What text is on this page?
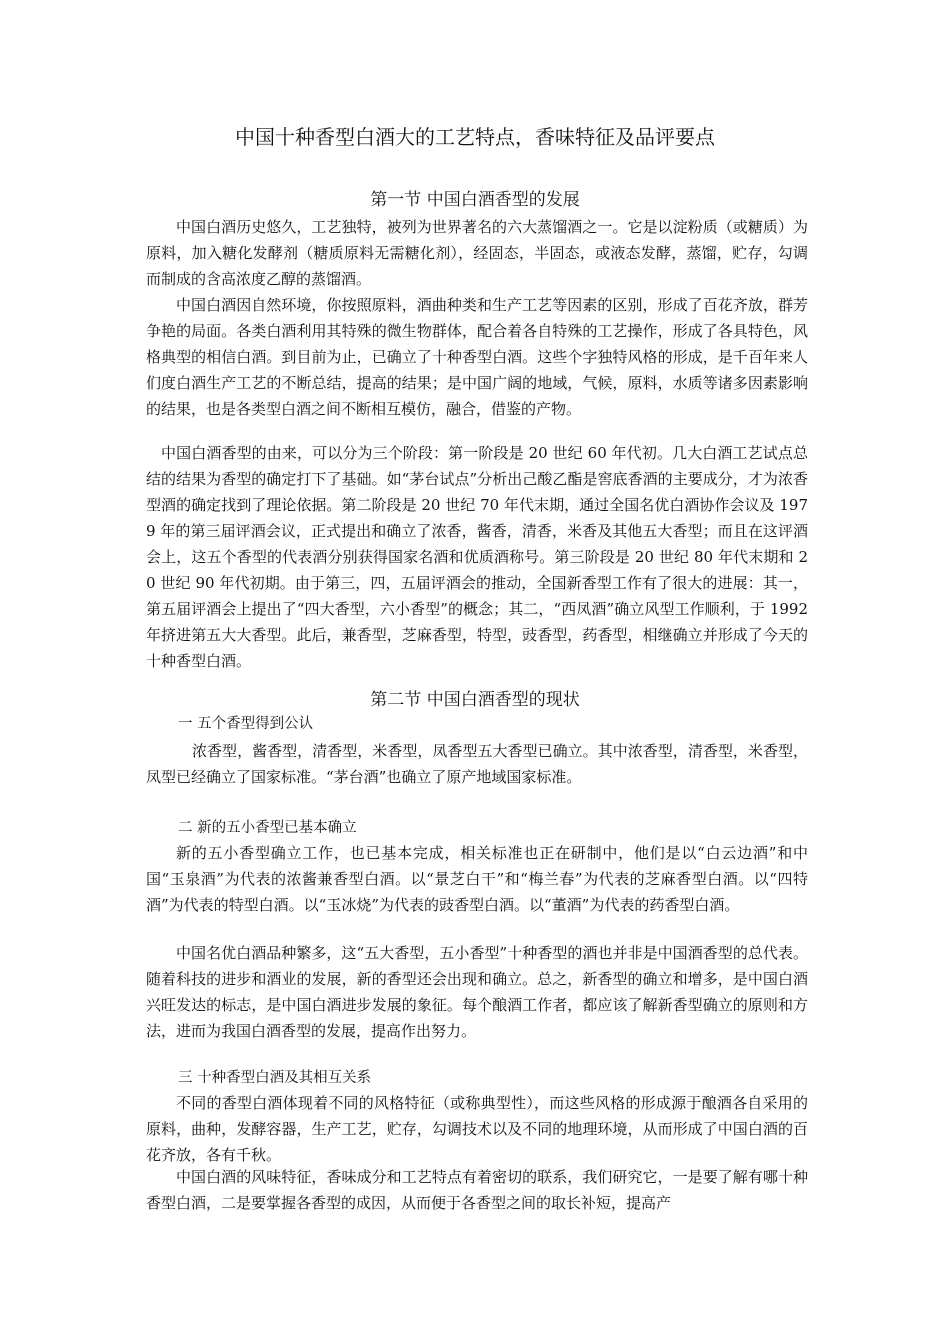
中国十种香型白酒大的工艺特点，香味特征及品评要点
第一节 中国白酒香型的发展

中国白酒历史悠久，工艺独特，被列为世界著名的六大蒸馏酒之一。它是以淀粉质（或糖质）为原料，加入糖化发酵剂（糖质原料无需糖化剂），经固态，半固态，或液态发酵，蒸馏，贮存，勾调而制成的含高浓度乙醇的蒸馏酒。

中国白酒因自然环境，你按照原料，酒曲种类和生产工艺等因素的区别，形成了百花齐放，群芳争艳的局面。各类白酒利用其特殊的微生物群体，配合着各自特殊的工艺操作，形成了各具特色，风格典型的相信白酒。到目前为止，已确立了十种香型白酒。这些个字独特风格的形成，是千百年来人们度白酒生产工艺的不断总结，提高的结果；是中国广阔的地域，气候，原料，水质等诸多因素影响的结果，也是各类型白酒之间不断相互模仿，融合，借鉴的产物。

中国白酒香型的由来，可以分为三个阶段：第一阶段是 20 世纪 60 年代初。几大白酒工艺试点总结的结果为香型的确定打下了基础。如“茅台试点”分析出己酸乙酯是窖底香酒的主要成分，才为浓香型酒的确定找到了理论依据。第二阶段是 20 世纪 70 年代末期，通过全国名优白酒协作会议及 1979 年的第三届评酒会议，正式提出和确立了浓香，酱香，清香，米香及其他五大香型；而且在这评酒会上，这五个香型的代表酒分别获得国家名酒和优质酒称号。第三阶段是 20 世纪 80 年代末期和 20 世纪 90 年代初期。由于第三，四，五届评酒会的推动，全国新香型工作有了很大的进展：其一，第五届评酒会上提出了“四大香型，六小香型”的概念；其二，“西凤酒”确立风型工作顺利，于 1992 年挤进第五大大香型。此后，兼香型，芝麻香型，特型，豉香型，药香型，相继确立并形成了今天的十种香型白酒。

第二节 中国白酒香型的现状
一 五个香型得到公认

浓香型，酱香型，清香型，米香型，凤香型五大香型已确立。其中浓香型，清香型，米香型，凤型已经确立了国家标准。“茅台酒”也确立了原产地域国家标准。

二 新的五小香型已基本确立

新的五小香型确立工作，也已基本完成，相关标准也正在研制中，他们是以“白云边酒”和中国“玉泉酒”为代表的浓酱兼香型白酒。以“景芝白干”和“梅兰春”为代表的芝麻香型白酒。以“四特酒”为代表的特型白酒。以“玉冰烧”为代表的豉香型白酒。以“董酒”为代表的药香型白酒。

中国名优白酒品种繁多，这“五大香型，五小香型”十种香型的酒也并非是中国酒香型的总代表。随着科技的进步和酒业的发展，新的香型还会出现和确立。总之，新香型的确立和增多，是中国白酒兴旺发达的标志，是中国白酒进步发展的象征。每个酿酒工作者，都应该了解新香型确立的原则和方法，进而为我国白酒香型的发展，提高作出努力。

三 十种香型白酒及其相互关系

不同的香型白酒体现着不同的风格特征（或称典型性），而这些风格的形成源于酿酒各自采用的原料，曲种，发酵容器，生产工艺，贮存，勾调技术以及不同的地理环境，从而形成了中国白酒的百花齐放，各有千秋。

中国白酒的风味特征，香味成分和工艺特点有着密切的联系，我们研究它，一是要了解有哪十种香型白酒，二是要掌握各香型的成因，从而便于各香型之间的取长补短，提高产
